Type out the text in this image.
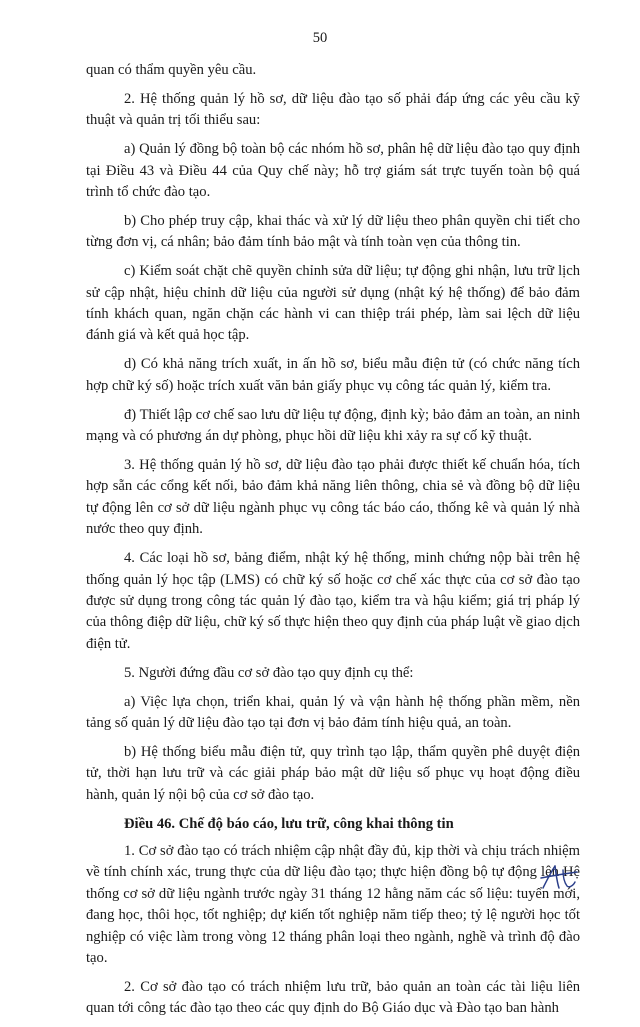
50

quan có thẩm quyền yêu cầu.

2. Hệ thống quản lý hồ sơ, dữ liệu đào tạo số phải đáp ứng các yêu cầu kỹ thuật và quản trị tối thiểu sau:

a) Quản lý đồng bộ toàn bộ các nhóm hồ sơ, phân hệ dữ liệu đào tạo quy định tại Điều 43 và Điều 44 của Quy chế này; hỗ trợ giám sát trực tuyến toàn bộ quá trình tổ chức đào tạo.

b) Cho phép truy cập, khai thác và xử lý dữ liệu theo phân quyền chi tiết cho từng đơn vị, cá nhân; bảo đảm tính bảo mật và tính toàn vẹn của thông tin.

c) Kiểm soát chặt chẽ quyền chỉnh sửa dữ liệu; tự động ghi nhận, lưu trữ lịch sử cập nhật, hiệu chỉnh dữ liệu của người sử dụng (nhật ký hệ thống) để bảo đảm tính khách quan, ngăn chặn các hành vi can thiệp trái phép, làm sai lệch dữ liệu đánh giá và kết quả học tập.

d) Có khả năng trích xuất, in ấn hồ sơ, biểu mẫu điện tử (có chức năng tích hợp chữ ký số) hoặc trích xuất văn bản giấy phục vụ công tác quản lý, kiểm tra.

đ) Thiết lập cơ chế sao lưu dữ liệu tự động, định kỳ; bảo đảm an toàn, an ninh mạng và có phương án dự phòng, phục hồi dữ liệu khi xảy ra sự cố kỹ thuật.

3. Hệ thống quản lý hồ sơ, dữ liệu đào tạo phải được thiết kế chuẩn hóa, tích hợp sẵn các cổng kết nối, bảo đảm khả năng liên thông, chia sẻ và đồng bộ dữ liệu tự động lên cơ sở dữ liệu ngành phục vụ công tác báo cáo, thống kê và quản lý nhà nước theo quy định.

4. Các loại hồ sơ, bảng điểm, nhật ký hệ thống, minh chứng nộp bài trên hệ thống quản lý học tập (LMS) có chữ ký số hoặc cơ chế xác thực của cơ sở đào tạo được sử dụng trong công tác quản lý đào tạo, kiểm tra và hậu kiểm; giá trị pháp lý của thông điệp dữ liệu, chữ ký số thực hiện theo quy định của pháp luật về giao dịch điện tử.

5. Người đứng đầu cơ sở đào tạo quy định cụ thể:

a) Việc lựa chọn, triển khai, quản lý và vận hành hệ thống phần mềm, nền tảng số quản lý dữ liệu đào tạo tại đơn vị bảo đảm tính hiệu quả, an toàn.

b) Hệ thống biểu mẫu điện tử, quy trình tạo lập, thẩm quyền phê duyệt điện tử, thời hạn lưu trữ và các giải pháp bảo mật dữ liệu số phục vụ hoạt động điều hành, quản lý nội bộ của cơ sở đào tạo.

Điều 46. Chế độ báo cáo, lưu trữ, công khai thông tin

1. Cơ sở đào tạo có trách nhiệm cập nhật đầy đủ, kịp thời và chịu trách nhiệm về tính chính xác, trung thực của dữ liệu đào tạo; thực hiện đồng bộ tự động lên Hệ thống cơ sở dữ liệu ngành trước ngày 31 tháng 12 hằng năm các số liệu: tuyển mới, đang học, thôi học, tốt nghiệp; dự kiến tốt nghiệp năm tiếp theo; tỷ lệ người học tốt nghiệp có việc làm trong vòng 12 tháng phân loại theo ngành, nghề và trình độ đào tạo.

2. Cơ sở đào tạo có trách nhiệm lưu trữ, bảo quản an toàn các tài liệu liên quan tới công tác đào tạo theo các quy định do Bộ Giáo dục và Đào tạo ban hành
